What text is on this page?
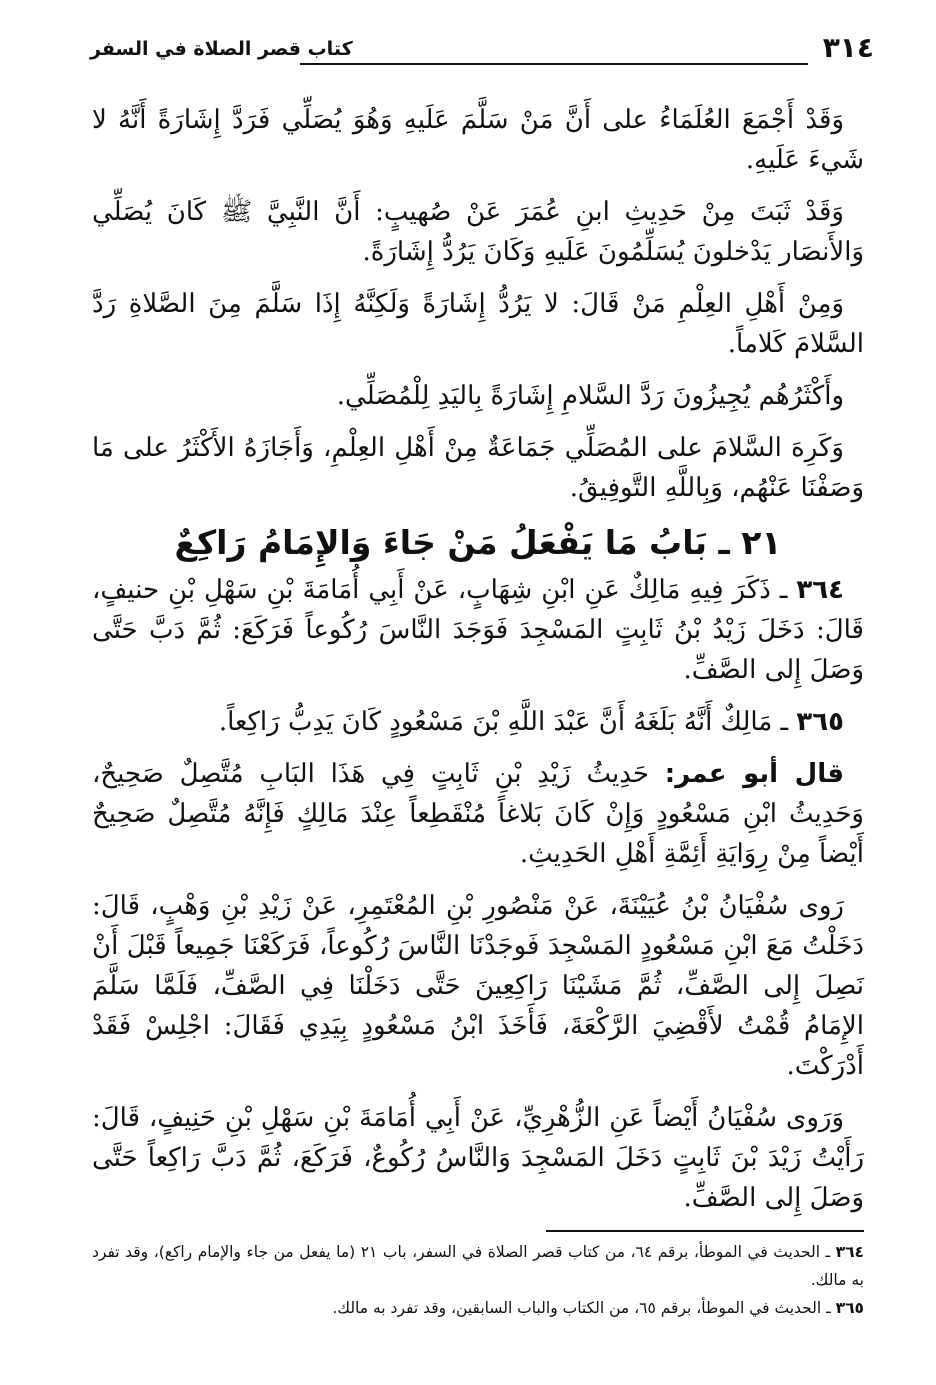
٣١٤
كتاب قصر الصلاة في السفر

وَقَدْ أَجْمَعَ العُلَمَاءُ على أَنَّ مَنْ سَلَّمَ عَلَيهِ وَهُوَ يُصَلِّي فَرَدَّ إِشَارَةً أَنَّهُ لا شَيءَ عَلَيهِ.

وَقَدْ ثَبَتَ مِنْ حَدِيثِ ابنِ عُمَرَ عَنْ صُهيبٍ: أَنَّ النَّبِيَّ ﷺ كَانَ يُصَلِّي وَالأَنصَار يَدْخلونَ يُسَلِّمُونَ عَلَيهِ وَكَانَ يَرُدُّ إِشَارَةً.

وَمِنْ أَهْلِ العِلْمِ مَنْ قَالَ: لا يَرُدُّ إِشَارَةً وَلَكِنَّهُ إِذَا سَلَّمَ مِنَ الصَّلاةِ رَدَّ السَّلامَ كَلاماً.

وأَكْثَرُهُم يُجِيزُونَ رَدَّ السَّلامِ إِشَارَةً بِاليَدِ لِلْمُصَلِّي.

وَكَرِهَ السَّلامَ على المُصَلِّي جَمَاعَةٌ مِنْ أَهْلِ العِلْمِ، وَأَجَازَهُ الأَكْثَرُ على مَا وَصَفْنَا عَنْهُم، وَبِاللَّهِ التَّوفِيقُ.

٢١ ـ بَابُ مَا يَفْعَلُ مَنْ جَاءَ وَالإِمَامُ رَاكِعٌ

٣٦٤ ـ ذَكَرَ فِيهِ مَالِكٌ عَنِ ابْنِ شِهَابٍ، عَنْ أَبِي أُمَامَةَ بْنِ سَهْلِ بْنِ حنيفٍ، قَالَ: دَخَلَ زَيْدُ بْنُ ثَابِتٍ المَسْجِدَ فَوَجَدَ النَّاسَ رُكُوعاً فَرَكَعَ: ثُمَّ دَبَّ حَتَّى وَصَلَ إِلى الصَّفِّ.

٣٦٥ ـ مَالِكٌ أَنَّهُ بَلَغَهُ أَنَّ عَبْدَ اللَّهِ بْنَ مَسْعُودٍ كَانَ يَدِبُّ رَاكِعاً.

قال أبو عمر: حَدِيثُ زَيْدِ بْنِ ثَابِتٍ فِي هَذَا البَابِ مُتَّصِلٌ صَحِيحٌ، وَحَدِيثُ ابْنِ مَسْعُودٍ وَإِنْ كَانَ بَلاغاً مُنْقَطِعاً عِنْدَ مَالِكٍ فَإِنَّهُ مُتَّصِلٌ صَحِيحٌ أَيْضاً مِنْ رِوَايَةِ أَئِمَّةِ أَهْلِ الحَدِيثِ.

رَوى سُفْيَانُ بْنُ عُيَيْنَةَ، عَنْ مَنْصُورِ بْنِ المُعْتَمِرِ، عَنْ زَيْدِ بْنِ وَهْبٍ، قَالَ: دَخَلْتُ مَعَ ابْنِ مَسْعُودٍ المَسْجِدَ فَوجَدْنَا النَّاسَ رُكُوعاً، فَرَكَعْنَا جَمِيعاً قَبْلَ أَنْ نَصِلَ إِلى الصَّفِّ، ثُمَّ مَشَيْنَا رَاكِعِينَ حَتَّى دَخَلْنَا فِي الصَّفِّ، فَلَمَّا سَلَّمَ الإِمَامُ قُمْتُ لأَقْضِيَ الرَّكْعَةَ، فَأَخَذَ ابْنُ مَسْعُودٍ بِيَدِي فَقَالَ: اجْلِسْ فَقَدْ أَدْرَكْتَ.

وَرَوى سُفْيَانُ أَيْضاً عَنِ الزُّهْرِيِّ، عَنْ أَبِي أُمَامَةَ بْنِ سَهْلِ بْنِ حَنِيفٍ، قَالَ: رَأَيْتُ زَيْدَ بْنَ ثَابِتٍ دَخَلَ المَسْجِدَ وَالنَّاسُ رُكُوعٌ، فَرَكَعَ، ثُمَّ دَبَّ رَاكِعاً حَتَّى وَصَلَ إِلى الصَّفِّ.

٣٦٤ ـ الحديث في الموطأ، برقم ٦٤، من كتاب قصر الصلاة في السفر، باب ٢١ (ما يفعل من جاء والإمام راكع)، وقد تفرد به مالك.

٣٦٥ ـ الحديث في الموطأ، برقم ٦٥، من الكتاب والباب السابقين، وقد تفرد به مالك.
